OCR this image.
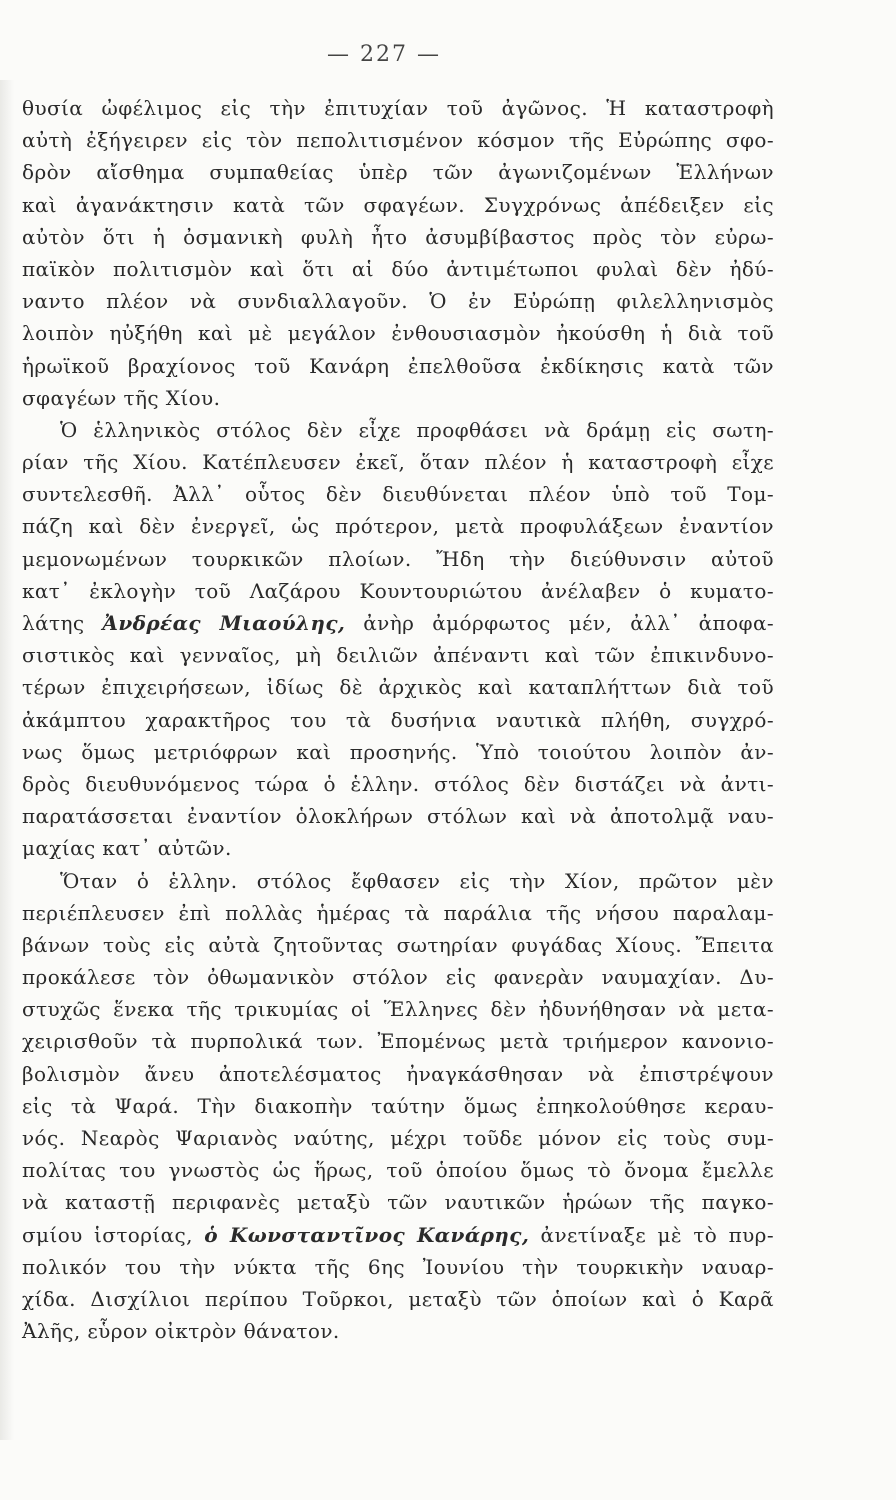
— 227 —
θυσία ὠφέλιμος εἰς τὴν ἐπιτυχίαν τοῦ ἀγῶνος. Ἡ καταστροφὴ
αὐτὴ ἐξήγειρεν εἰς τὸν πεπολιτισμένον κόσμον τῆς Εὐρώπης σφο-
δρὸν αἴσθημα συμπαθείας ὑπὲρ τῶν ἀγωνιζομένων Ἑλλήνων
καὶ ἀγανάκτησιν κατὰ τῶν σφαγέων. Συγχρόνως ἀπέδειξεν εἰς
αὐτὸν ὅτι ἡ ὀσμανικὴ φυλὴ ἦτο ἀσυμβίβαστος πρὸς τὸν εὐρω-
παϊκὸν πολιτισμὸν καὶ ὅτι αἱ δύο ἀντιμέτωποι φυλαὶ δὲν ἠδύ-
ναντο πλέον νὰ συνδιαλλαγοῦν. Ὁ ἐν Εὐρώπῃ φιλελληνισμὸς
λοιπὸν ηὐξήθη καὶ μὲ μεγάλον ἐνθουσιασμὸν ἠκούσθη ἡ διὰ τοῦ
ἡρωϊκοῦ βραχίονος τοῦ Κανάρη ἐπελθοῦσα ἐκδίκησις κατὰ τῶν
σφαγέων τῆς Χίου.
Ὁ ἑλληνικὸς στόλος δὲν εἶχε προφθάσει νὰ δράμῃ εἰς σωτη-
ρίαν τῆς Χίου. Κατέπλευσεν ἐκεῖ, ὅταν πλέον ἡ καταστροφὴ εἶχε
συντελεσθῆ. Ἀλλ᾽ οὗτος δὲν διευθύνεται πλέον ὑπὸ τοῦ Τομ-
πάζη καὶ δὲν ἐνεργεῖ, ὡς πρότερον, μετὰ προφυλάξεων ἐναντίον
μεμονωμένων τουρκικῶν πλοίων. Ἤδη τὴν διεύθυνσιν αὐτοῦ
κατ᾽ ἐκλογὴν τοῦ Λαζάρου Κουντουριώτου ἀνέλαβεν ὁ κυματο-
λάτης Ἀνδρέας Μιαούλης, ἀνὴρ ἀμόρφωτος μέν, ἀλλ᾽ ἀποφα-
σιστικὸς καὶ γενναῖος, μὴ δειλιῶν ἀπέναντι καὶ τῶν ἐπικινδυνο-
τέρων ἐπιχειρήσεων, ἰδίως δὲ ἀρχικὸς καὶ καταπλήττων διὰ τοῦ
ἀκάμπτου χαρακτῆρος του τὰ δυσήνια ναυτικὰ πλήθη, συγχρό-
νως ὅμως μετριόφρων καὶ προσηνής. Ὑπὸ τοιούτου λοιπὸν ἀν-
δρὸς διευθυνόμενος τώρα ὁ ἑλλην. στόλος δὲν διστάζει νὰ ἀντι-
παρατάσσεται ἐναντίον ὁλοκλήρων στόλων καὶ νὰ ἀποτολμᾷ ναυ-
μαχίας κατ᾽ αὐτῶν.
Ὅταν ὁ ἑλλην. στόλος ἔφθασεν εἰς τὴν Χίον, πρῶτον μὲν
περιέπλευσεν ἐπὶ πολλὰς ἡμέρας τὰ παράλια τῆς νήσου παραλαμ-
βάνων τοὺς εἰς αὐτὰ ζητοῦντας σωτηρίαν φυγάδας Χίους. Ἔπειτα
προκάλεσε τὸν ὀθωμανικὸν στόλον εἰς φανερὰν ναυμαχίαν. Δυ-
στυχῶς ἕνεκα τῆς τρικυμίας οἱ Ἕλληνες δὲν ἠδυνήθησαν νὰ μετα-
χειρισθοῦν τὰ πυρπολικά των. Ἐπομένως μετὰ τριήμερον κανονιο-
βολισμὸν ἄνευ ἀποτελέσματος ἠναγκάσθησαν νὰ ἐπιστρέψουν
εἰς τὰ Ψαρά. Τὴν διακοπὴν ταύτην ὅμως ἐπηκολούθησε κεραυ-
νός. Νεαρὸς Ψαριανὸς ναύτης, μέχρι τοῦδε μόνον εἰς τοὺς συμ-
πολίτας του γνωστὸς ὡς ἥρως, τοῦ ὁποίου ὅμως τὸ ὄνομα ἔμελλε
νὰ καταστῇ περιφανὲς μεταξὺ τῶν ναυτικῶν ἡρώων τῆς παγκο-
σμίου ἱστορίας, ὁ Κωνσταντῖνος Κανάρης, ἀνετίναξε μὲ τὸ πυρ-
πολικόν του τὴν νύκτα τῆς 6ης Ἰουνίου τὴν τουρκικὴν ναυαρ-
χίδα. Δισχίλιοι περίπου Τοῦρκοι, μεταξὺ τῶν ὁποίων καὶ ὁ Καρᾶ
Ἀλῆς, εὗρον οἰκτρὸν θάνατον.
